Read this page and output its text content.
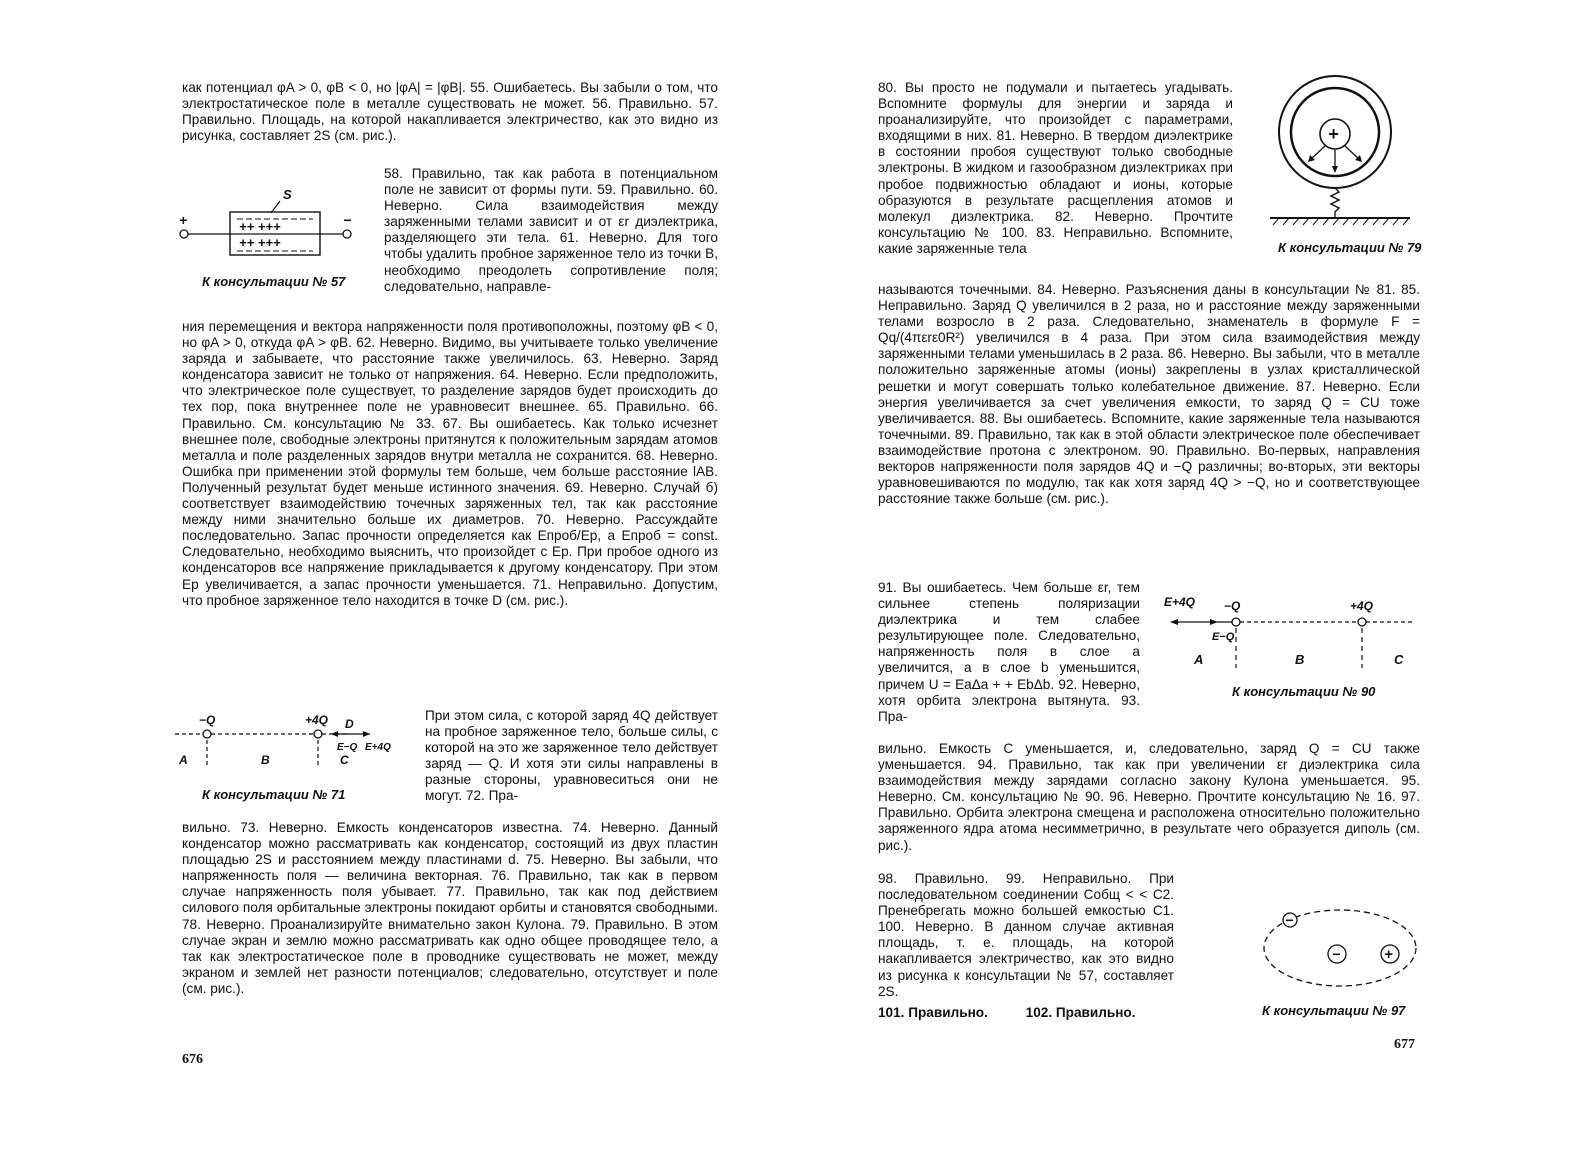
как потенциал φA > 0, φB < 0, но |φA| = |φB|. 55. Ошибаетесь. Вы забыли о том, что электростатическое поле в металле существовать не может. 56. Правильно. 57. Правильно. Площадь, на которой накапливается электричество, как это видно из рисунка, составляет 2S (см. рис.).
S
++ +++
++ +++
+	−
К консультации № 57
58. Правильно, так как работа в потенциальном поле не зависит от формы пути. 59. Правильно. 60. Неверно. Сила взаимодействия между заряженными телами зависит и от εr диэлектрика, разделяющего эти тела. 61. Неверно. Для того чтобы удалить пробное заряженное тело из точки B, необходимо преодолеть сопротивление поля; следовательно, направле-
ния перемещения и вектора напряженности поля противоположны, поэтому φB < 0, но φA > 0, откуда φA > φB. 62. Неверно. Видимо, вы учитываете только увеличение заряда и забываете, что расстояние также увеличилось. 63. Неверно. Заряд конденсатора зависит не только от напряжения. 64. Неверно. Если предположить, что электрическое поле существует, то разделение зарядов будет происходить до тех пор, пока внутреннее поле не уравновесит внешнее. 65. Правильно. 66. Правильно. См. консультацию № 33. 67. Вы ошибаетесь. Как только исчезнет внешнее поле, свободные электроны притянутся к положительным зарядам атомов металла и поле разделенных зарядов внутри металла не сохранится. 68. Неверно. Ошибка при применении этой формулы тем больше, чем больше расстояние lAB. Полученный результат будет меньше истинного значения. 69. Неверно. Случай б) соответствует взаимодействию точечных заряженных тел, так как расстояние между ними значительно больше их диаметров. 70. Неверно. Рассуждайте последовательно. Запас прочности определяется как Eпроб/Ep, а Eпроб = const. Следовательно, необходимо выяснить, что произойдет с Ep. При пробое одного из конденсаторов все напряжение прикладывается к другому конденсатору. При этом Ep увеличивается, а запас прочности уменьшается. 71. Неправильно. Допустим, что пробное заряженное тело находится в точке D (см. рис.).
−Q	+4Q D
E−Q E+4Q
A	B	C
К консультации № 71
При этом сила, с которой заряд 4Q действует на пробное заряженное тело, больше силы, с которой на это же заряженное тело действует заряд — Q. И хотя эти силы направлены в разные стороны, уравновеситься они не могут. 72. Пра-
вильно. 73. Неверно. Емкость конденсаторов известна. 74. Неверно. Данный конденсатор можно рассматривать как конденсатор, состоящий из двух пластин площадью 2S и расстоянием между пластинами d. 75. Неверно. Вы забыли, что напряженность поля — величина векторная. 76. Правильно, так как в первом случае напряженность поля убывает. 77. Правильно, так как под действием силового поля орбитальные электроны покидают орбиты и становятся свободными. 78. Неверно. Проанализируйте внимательно закон Кулона. 79. Правильно. В этом случае экран и землю можно рассматривать как одно общее проводящее тело, а так как электростатическое поле в проводнике существовать не может, между экраном и землей нет разности потенциалов; следовательно, отсутствует и поле (см. рис.).
676
80. Вы просто не подумали и пытаетесь угадывать. Вспомните формулы для энергии и заряда и проанализируйте, что произойдет с параметрами, входящими в них. 81. Неверно. В твердом диэлектрике в состоянии пробоя существуют только свободные электроны. В жидком и газообразном диэлектриках при пробое подвижностью обладают и ионы, которые образуются в результате расщепления атомов и молекул диэлектрика. 82. Неверно. Прочтите консультацию № 100. 83. Неправильно. Вспомните, какие заряженные тела
+
К консультации № 79
называются точечными. 84. Неверно. Разъяснения даны в консультации № 81. 85. Неправильно. Заряд Q увеличился в 2 раза, но и расстояние между заряженными телами возросло в 2 раза. Следовательно, знаменатель в формуле F = Qq/(4πεrε0R²) увеличился в 4 раза. При этом сила взаимодействия между заряженными телами уменьшилась в 2 раза. 86. Неверно. Вы забыли, что в металле положительно заряженные атомы (ионы) закреплены в узлах кристаллической решетки и могут совершать только колебательное движение. 87. Неверно. Если энергия увеличивается за счет увеличения емкости, то заряд Q = CU тоже увеличивается. 88. Вы ошибаетесь. Вспомните, какие заряженные тела называются точечными. 89. Правильно, так как в этой области электрическое поле обеспечивает взаимодействие протона с электроном. 90. Правильно. Во-первых, направления векторов напряженности поля зарядов 4Q и −Q различны; во-вторых, эти векторы уравновешиваются по модулю, так как хотя заряд 4Q > −Q, но и соответствующее расстояние также больше (см. рис.).
91. Вы ошибаетесь. Чем больше εr, тем сильнее степень поляризации диэлектрика и тем слабее результирующее поле. Следовательно, напряженность поля в слое a увеличится, а в слое b уменьшится, причем U = EaΔa + + EbΔb. 92. Неверно, хотя орбита электрона вытянута. 93. Пра-
E+4Q −Q	+4Q
E−Q
A	B	C
К консультации № 90
вильно. Емкость C уменьшается, и, следовательно, заряд Q = CU также уменьшается. 94. Правильно, так как при увеличении εr диэлектрика сила взаимодействия между зарядами согласно закону Кулона уменьшается. 95. Неверно. См. консультацию № 90. 96. Неверно. Прочтите консультацию № 16. 97. Правильно. Орбита электрона смещена и расположена относительно положительно заряженного ядра атома несимметрично, в результате чего образуется диполь (см. рис.).
98. Правильно. 99. Неправильно. При последовательном соединении Cобщ < < C2. Пренебрегать можно большей емкостью C1. 100. Неверно. В данном случае активная площадь, т. е. площадь, на которой накапливается электричество, как это видно из рисунка к консультации № 57, составляет 2S.
101. Правильно.          102. Правильно.
−
−	+
К консультации № 97
677
